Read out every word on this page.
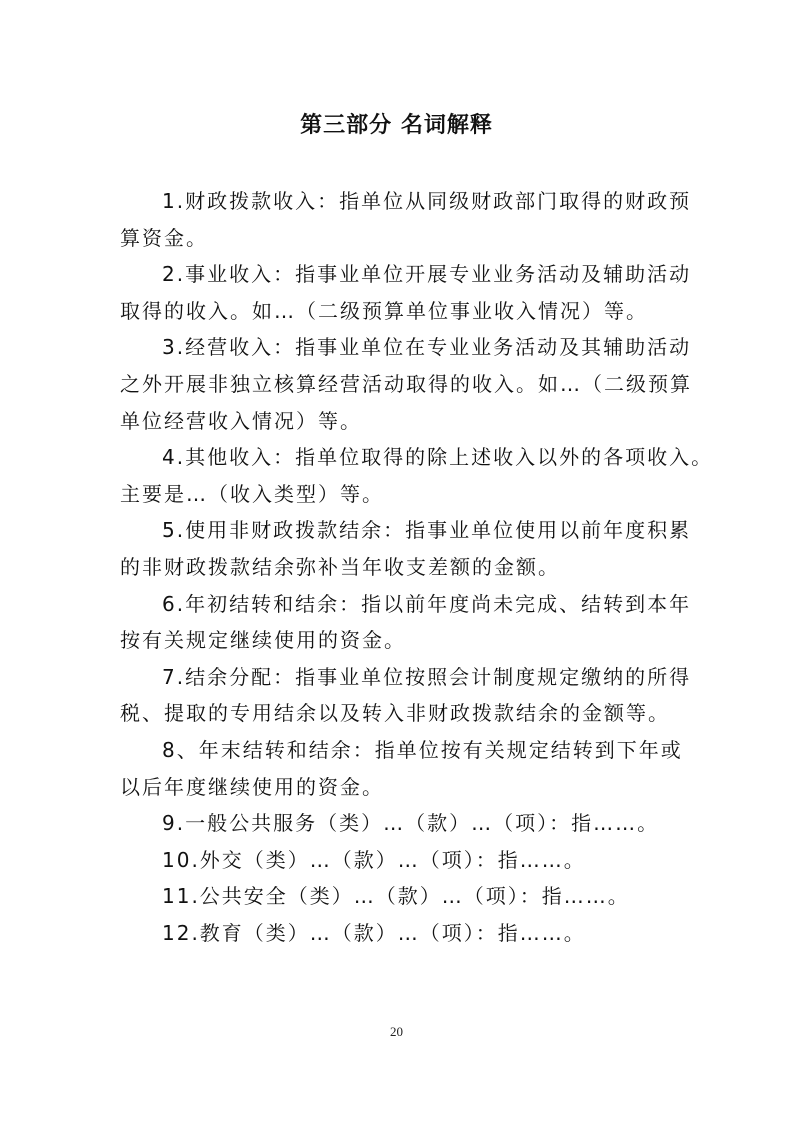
第三部分 名词解释

1.财政拨款收入：指单位从同级财政部门取得的财政预
算资金。

2.事业收入：指事业单位开展专业业务活动及辅助活动
取得的收入。如…（二级预算单位事业收入情况）等。

3.经营收入：指事业单位在专业业务活动及其辅助活动
之外开展非独立核算经营活动取得的收入。如…（二级预算
单位经营收入情况）等。

4.其他收入：指单位取得的除上述收入以外的各项收入。
主要是…（收入类型）等。

5.使用非财政拨款结余：指事业单位使用以前年度积累
的非财政拨款结余弥补当年收支差额的金额。

6.年初结转和结余：指以前年度尚未完成、结转到本年
按有关规定继续使用的资金。

7.结余分配：指事业单位按照会计制度规定缴纳的所得
税、提取的专用结余以及转入非财政拨款结余的金额等。

8、年末结转和结余：指单位按有关规定结转到下年或
以后年度继续使用的资金。

9.一般公共服务（类）…（款）…（项）：指……。

10.外交（类）…（款）…（项）：指……。

11.公共安全（类）…（款）…（项）：指……。

12.教育（类）…（款）…（项）：指……。

20
